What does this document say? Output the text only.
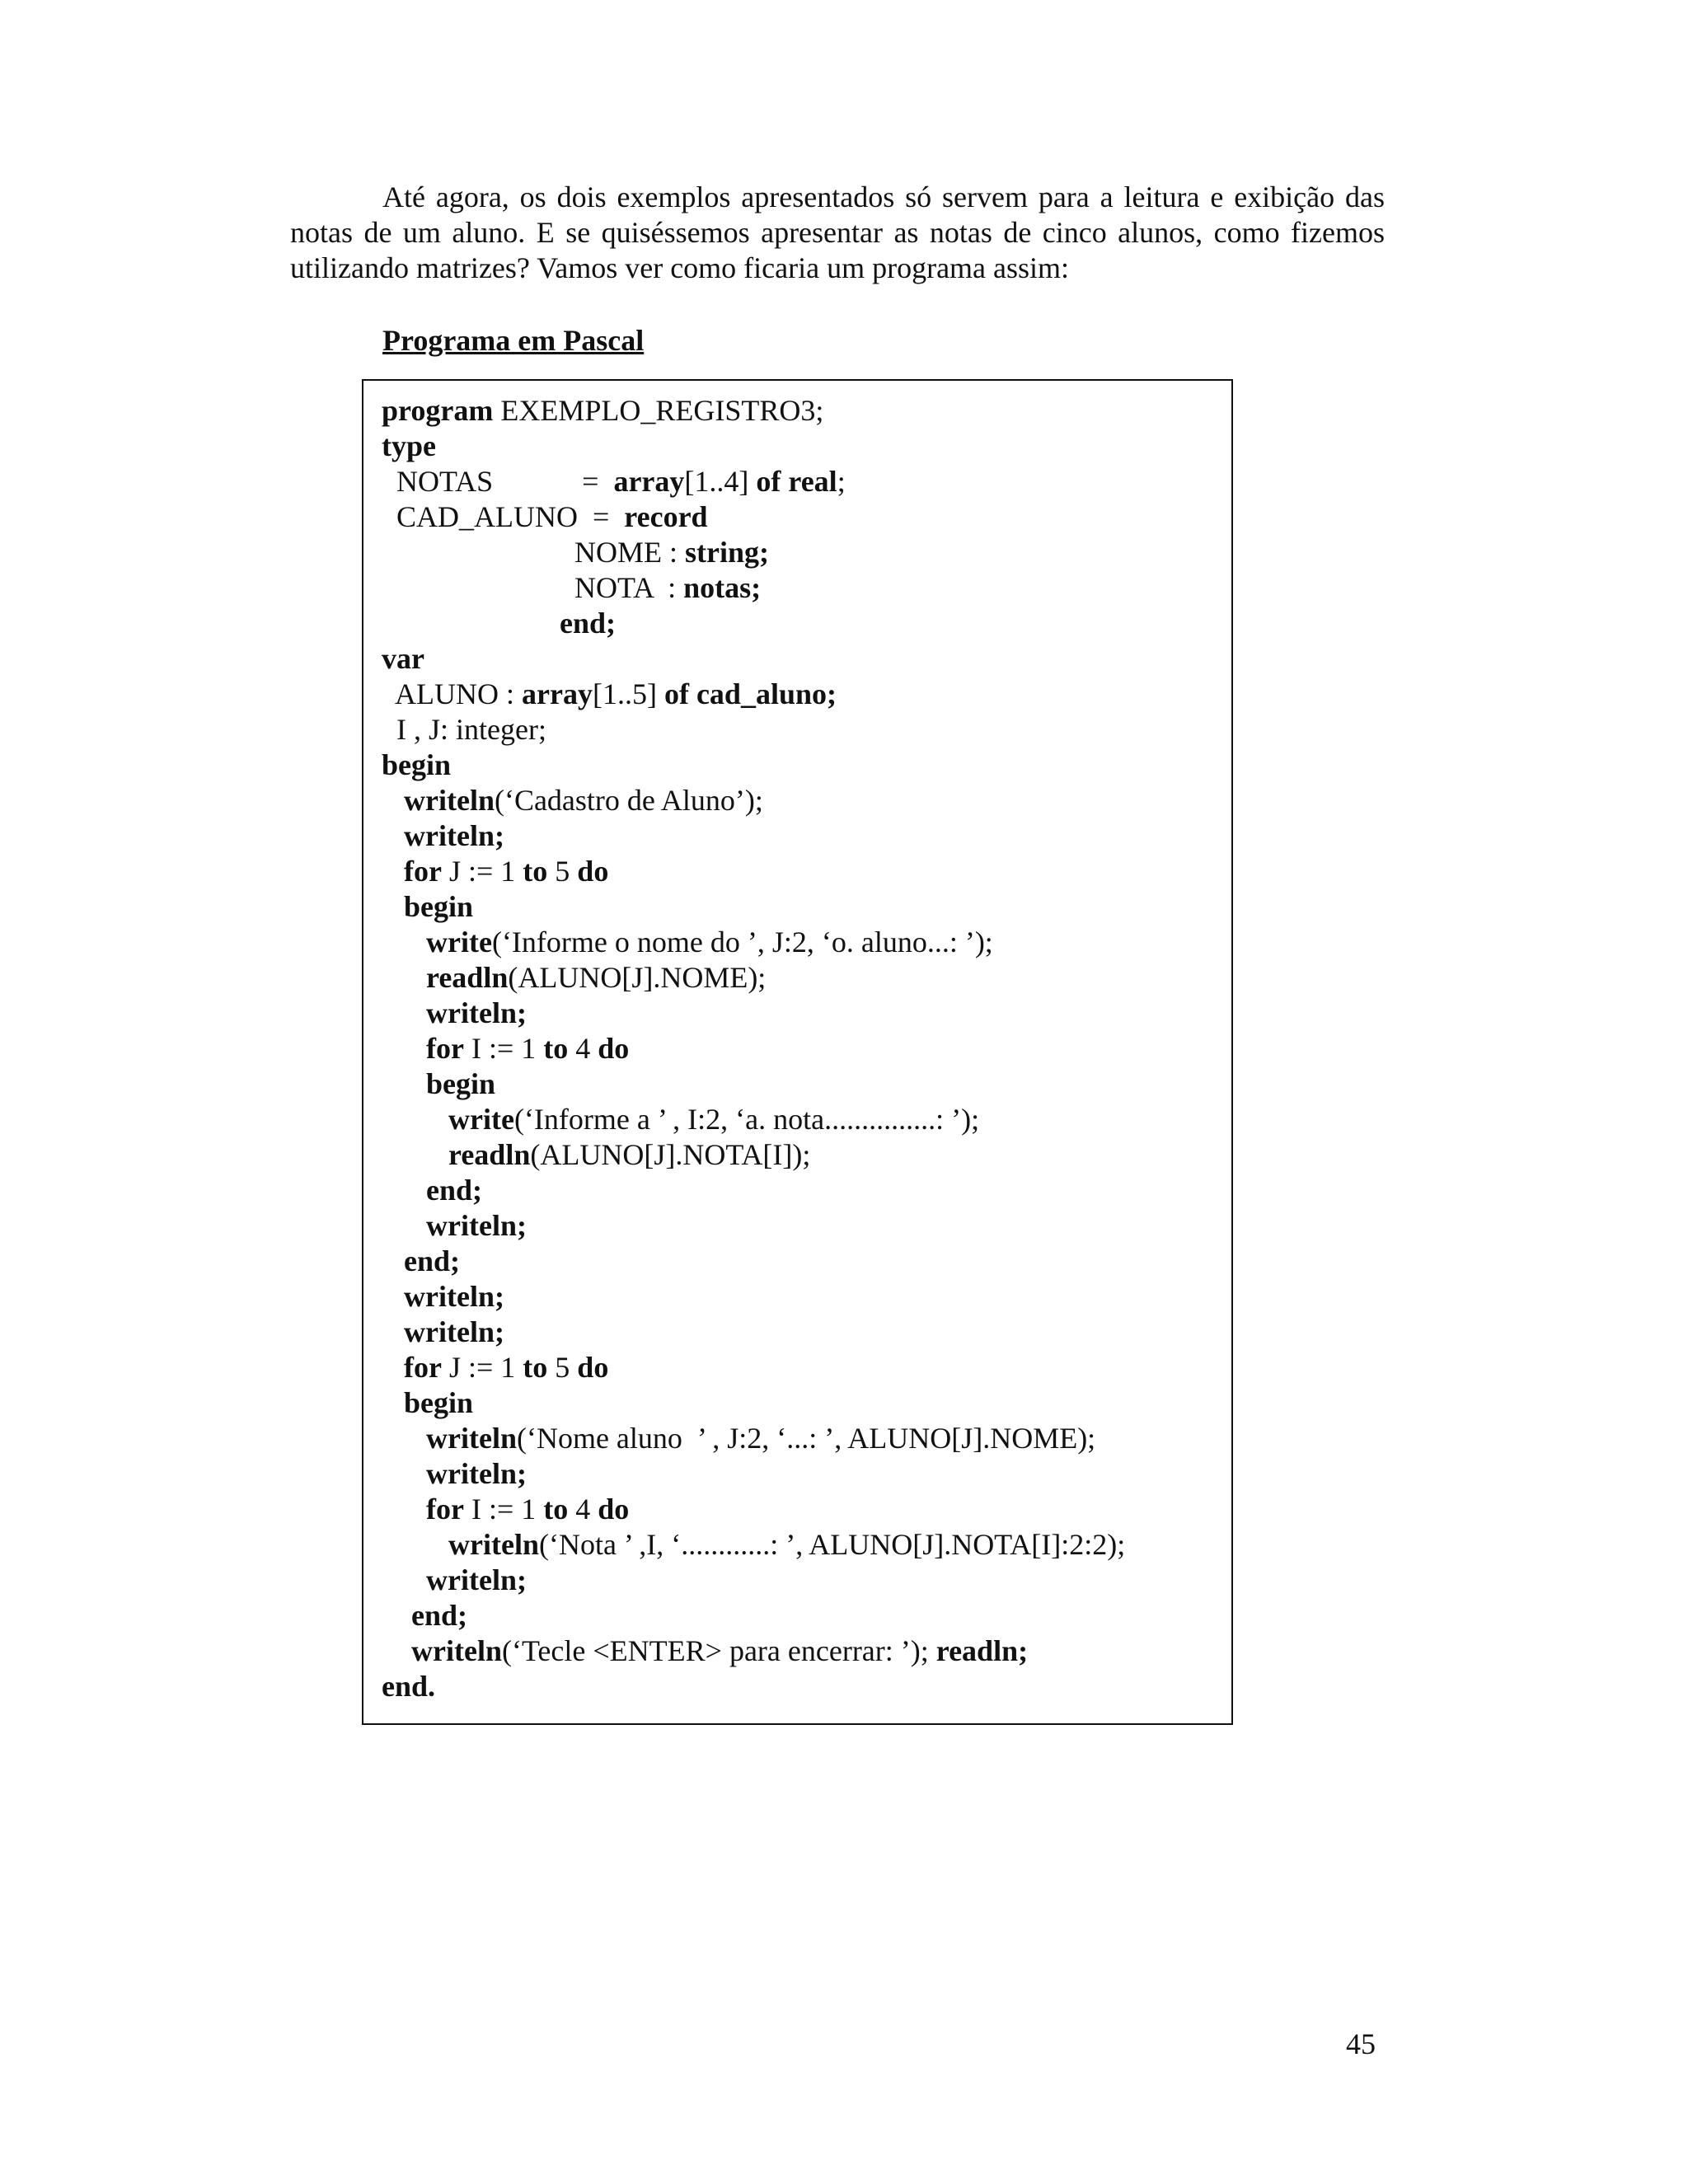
Até agora, os dois exemplos apresentados só servem para a leitura e exibição das notas de um aluno. E se quiséssemos apresentar as notas de cinco alunos, como fizemos utilizando matrizes? Vamos ver como ficaria um programa assim:

Programa em Pascal

program EXEMPLO_REGISTRO3;
type
NOTAS            =  array[1..4] of real;
CAD_ALUNO  =  record
NOME : string;
NOTA  : notas;
end;
var
ALUNO : array[1..5] of cad_aluno;
I , J: integer;
begin
writeln(‘Cadastro de Aluno’);
writeln;
for J := 1 to 5 do
begin
write(‘Informe o nome do ’, J:2, ‘o. aluno...: ’);
readln(ALUNO[J].NOME);
writeln;
for I := 1 to 4 do
begin
write(‘Informe a ’ , I:2, ‘a. nota...............: ’);
readln(ALUNO[J].NOTA[I]);
end;
writeln;
end;
writeln;
writeln;
for J := 1 to 5 do
begin
writeln(‘Nome aluno  ’ , J:2, ‘...: ’, ALUNO[J].NOME);
writeln;
for I := 1 to 4 do
writeln(‘Nota ’ ,I, ‘............: ’, ALUNO[J].NOTA[I]:2:2);
writeln;
end;
writeln(‘Tecle <ENTER> para encerrar: ’); readln;
end.

45
